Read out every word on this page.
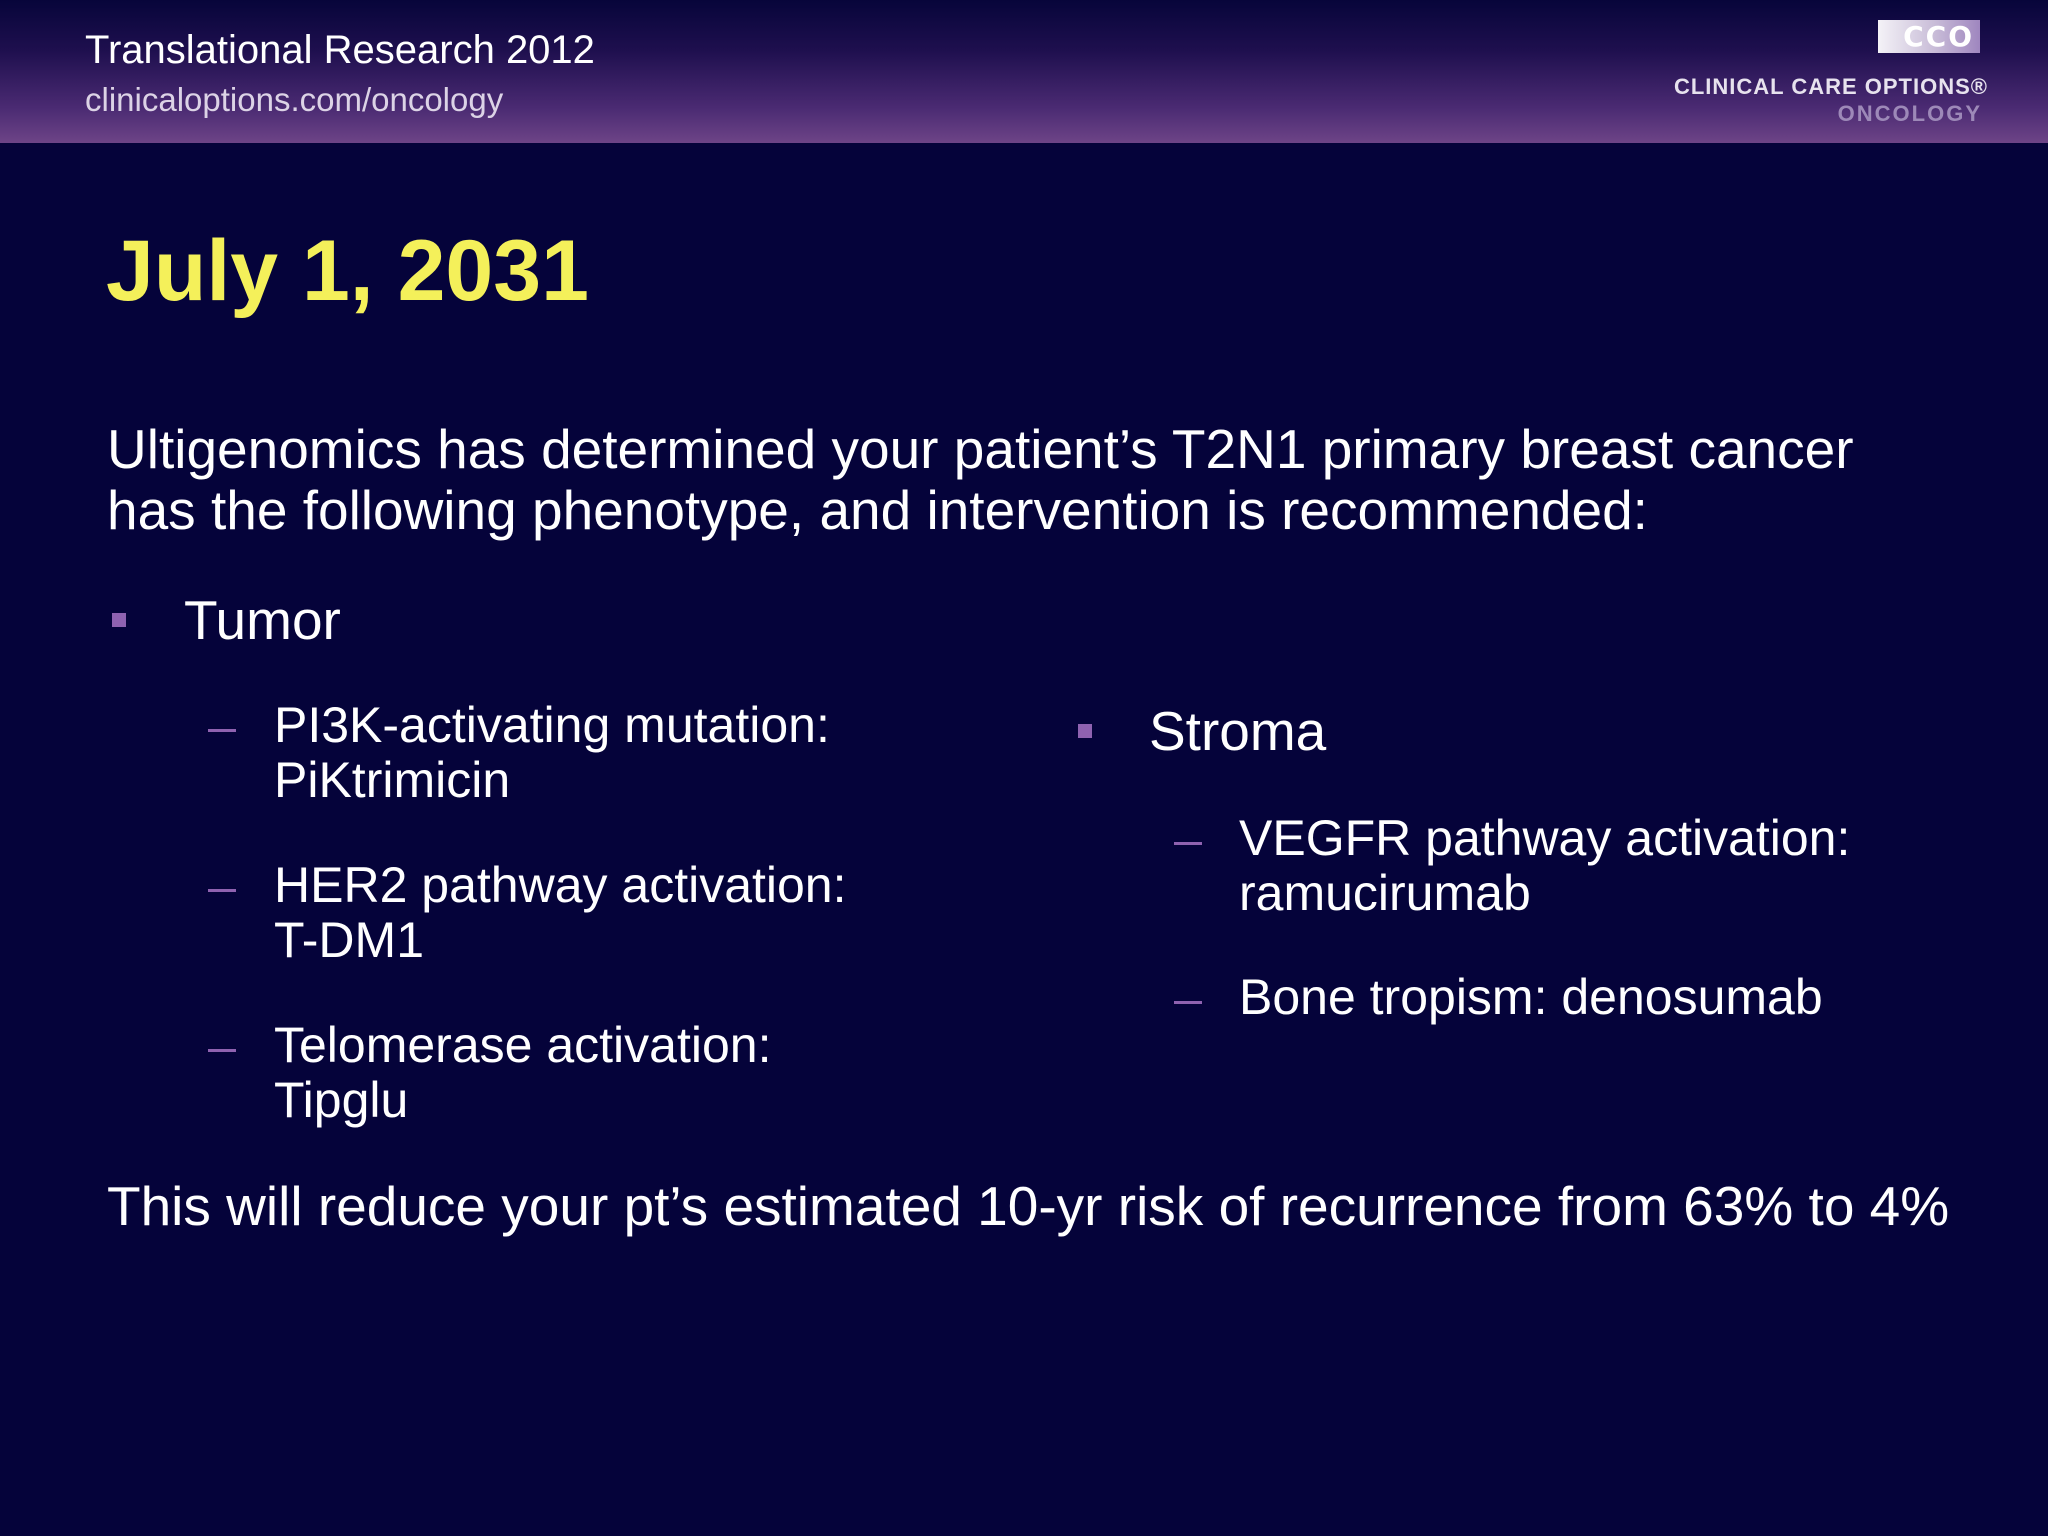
Translational Research 2012
clinicaloptions.com/oncology
CCO
CLINICAL CARE OPTIONS®
ONCOLOGY
July 1, 2031
Ultigenomics has determined your patient’s T2N1 primary breast cancer
has the following phenotype, and intervention is recommended:
Tumor
PI3K-activating mutation:
PiKtrimicin
HER2 pathway activation:
T-DM1
Telomerase activation:
Tipglu
Stroma
VEGFR pathway activation:
ramucirumab
Bone tropism: denosumab
This will reduce your pt’s estimated 10-yr risk of recurrence from 63% to 4%
